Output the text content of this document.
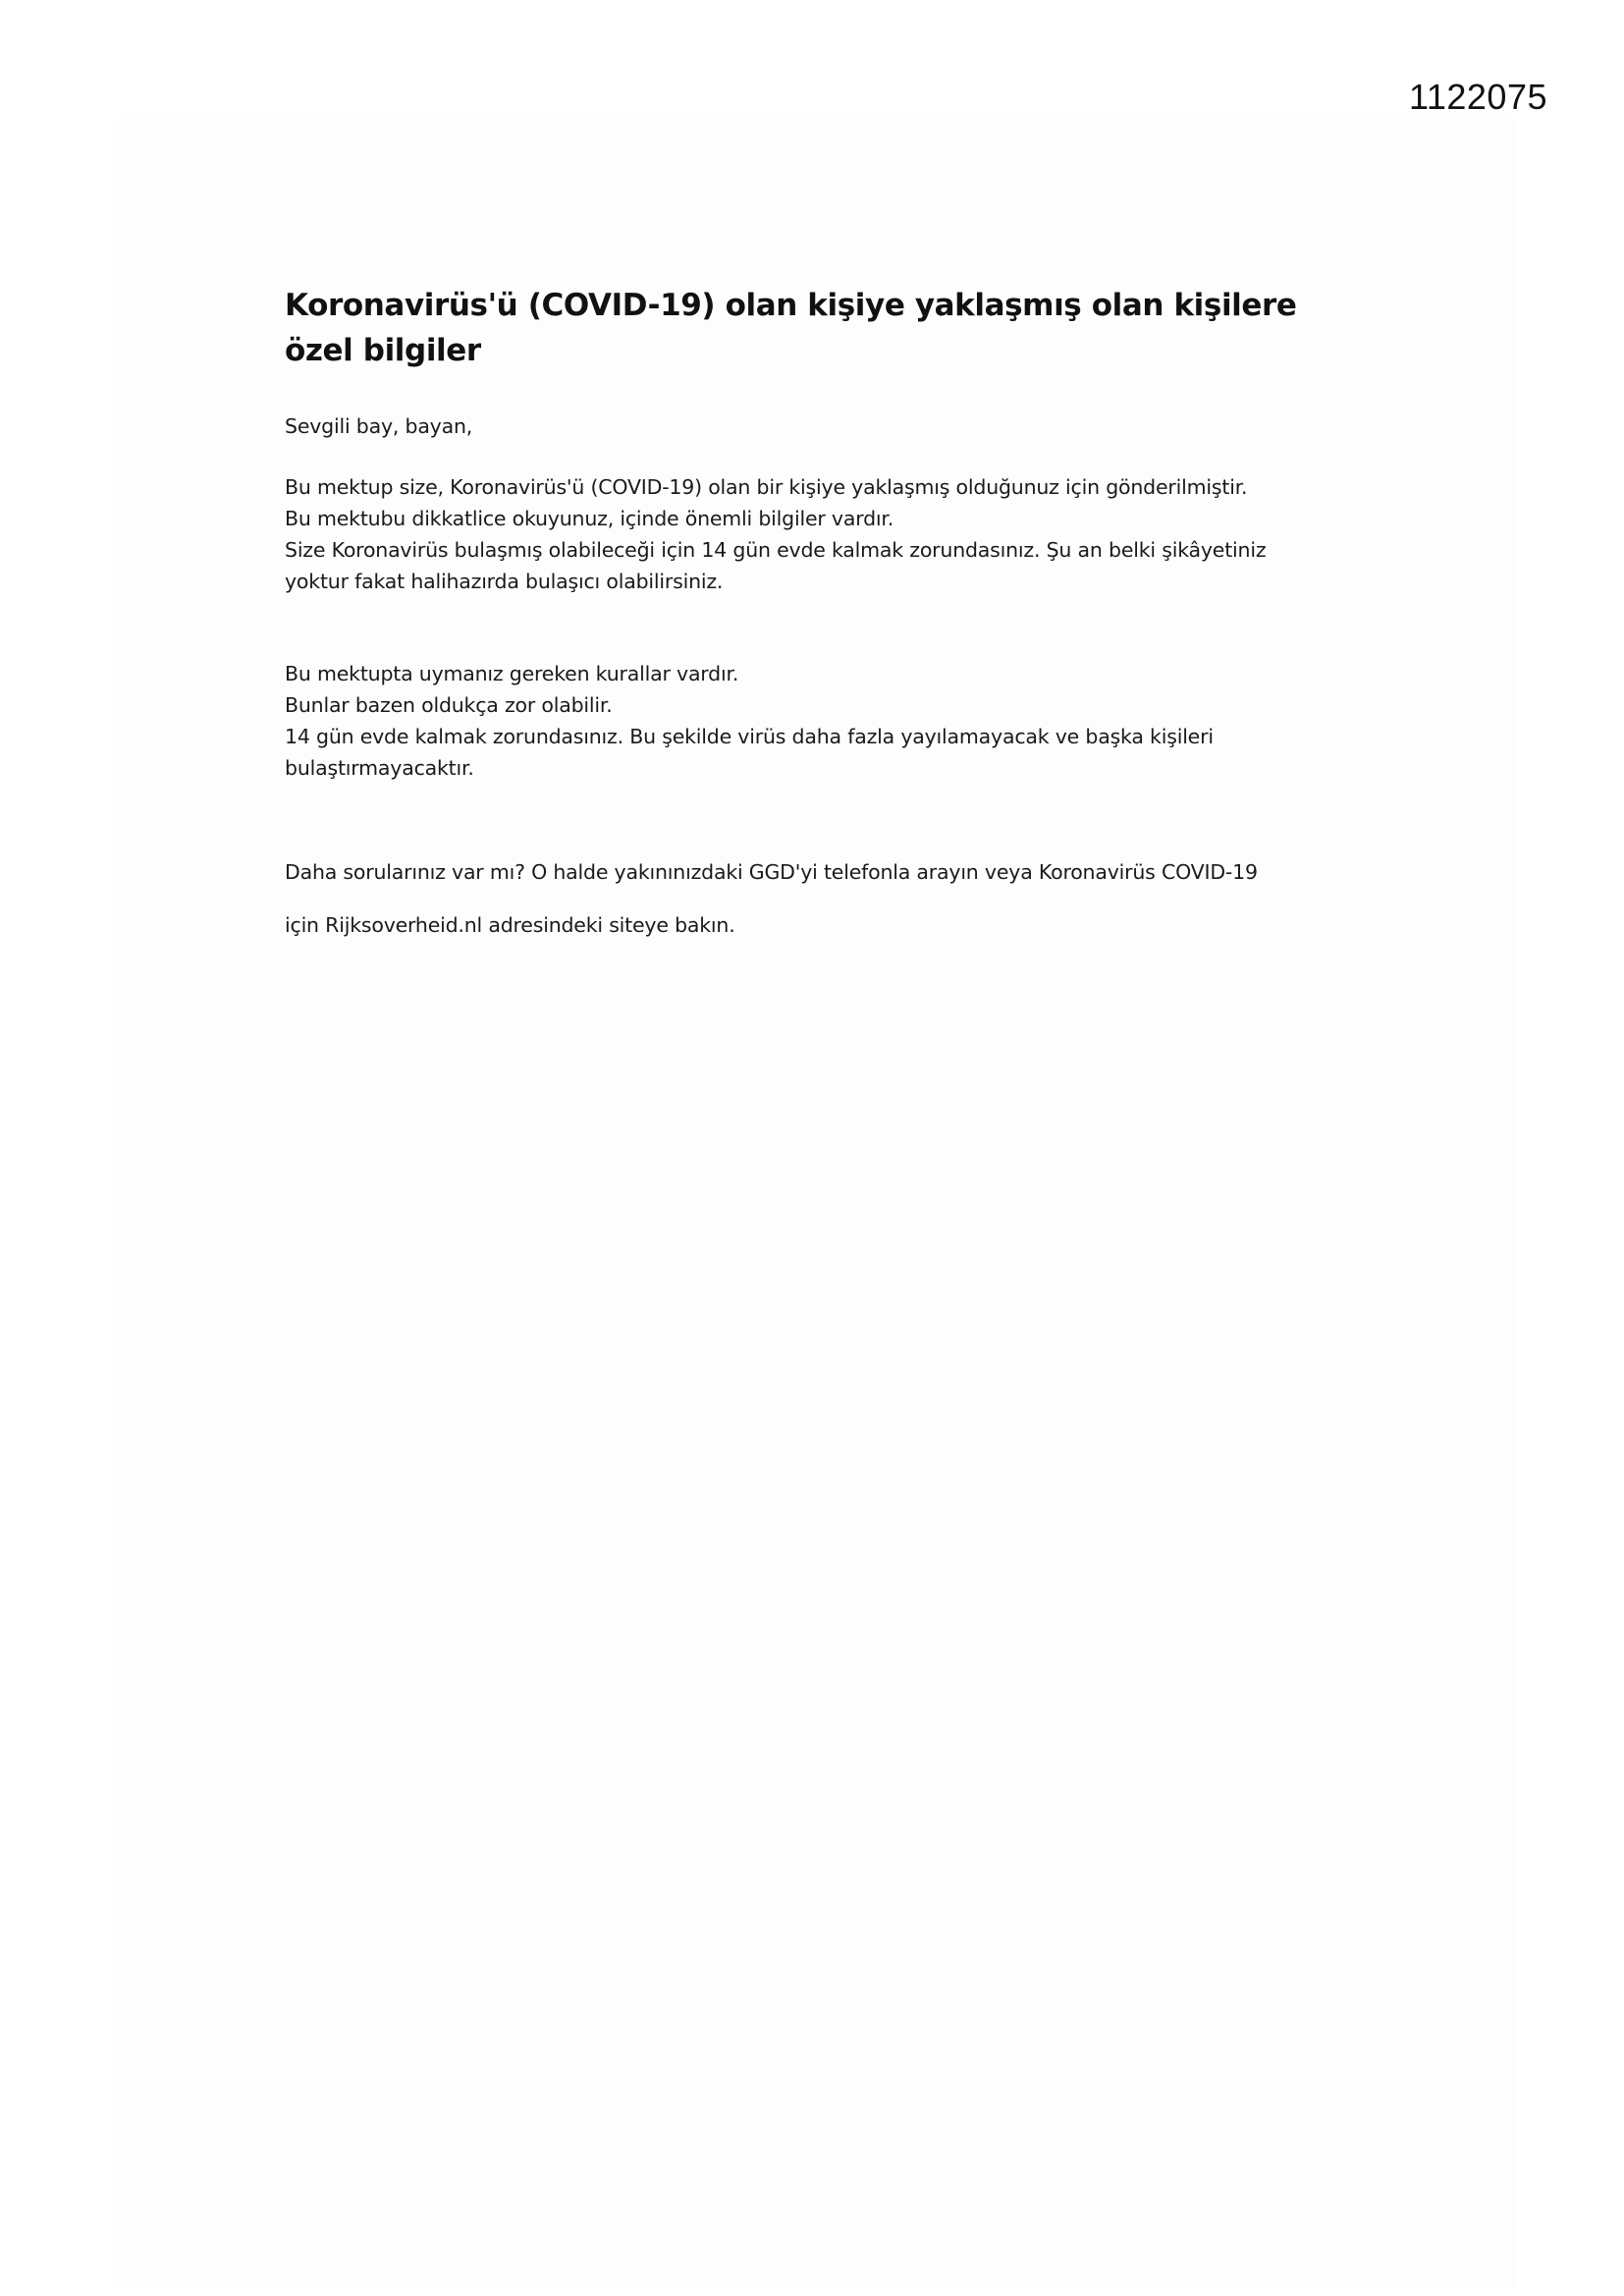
1122075
Koronavirüs'ü (COVID-19) olan kişiye yaklaşmış olan kişilere özel bilgiler

Sevgili bay, bayan,

Bu mektup size, Koronavirüs'ü (COVID-19) olan bir kişiye yaklaşmış olduğunuz için gönderilmiştir.
Bu mektubu dikkatlice okuyunuz, içinde önemli bilgiler vardır.
Size Koronavirüs bulaşmış olabileceği için 14 gün evde kalmak zorundasınız. Şu an belki şikâyetiniz yoktur fakat halihazırda bulaşıcı olabilirsiniz.
Bu mektupta uymanız gereken kurallar vardır.
Bunlar bazen oldukça zor olabilir.
14 gün evde kalmak zorundasınız. Bu şekilde virüs daha fazla yayılamayacak ve başka kişileri bulaştırmayacaktır.
Daha sorularınız var mı? O halde yakınınızdaki GGD'yi telefonla arayın veya Koronavirüs COVID-19
için Rijksoverheid.nl adresindeki siteye bakın.
